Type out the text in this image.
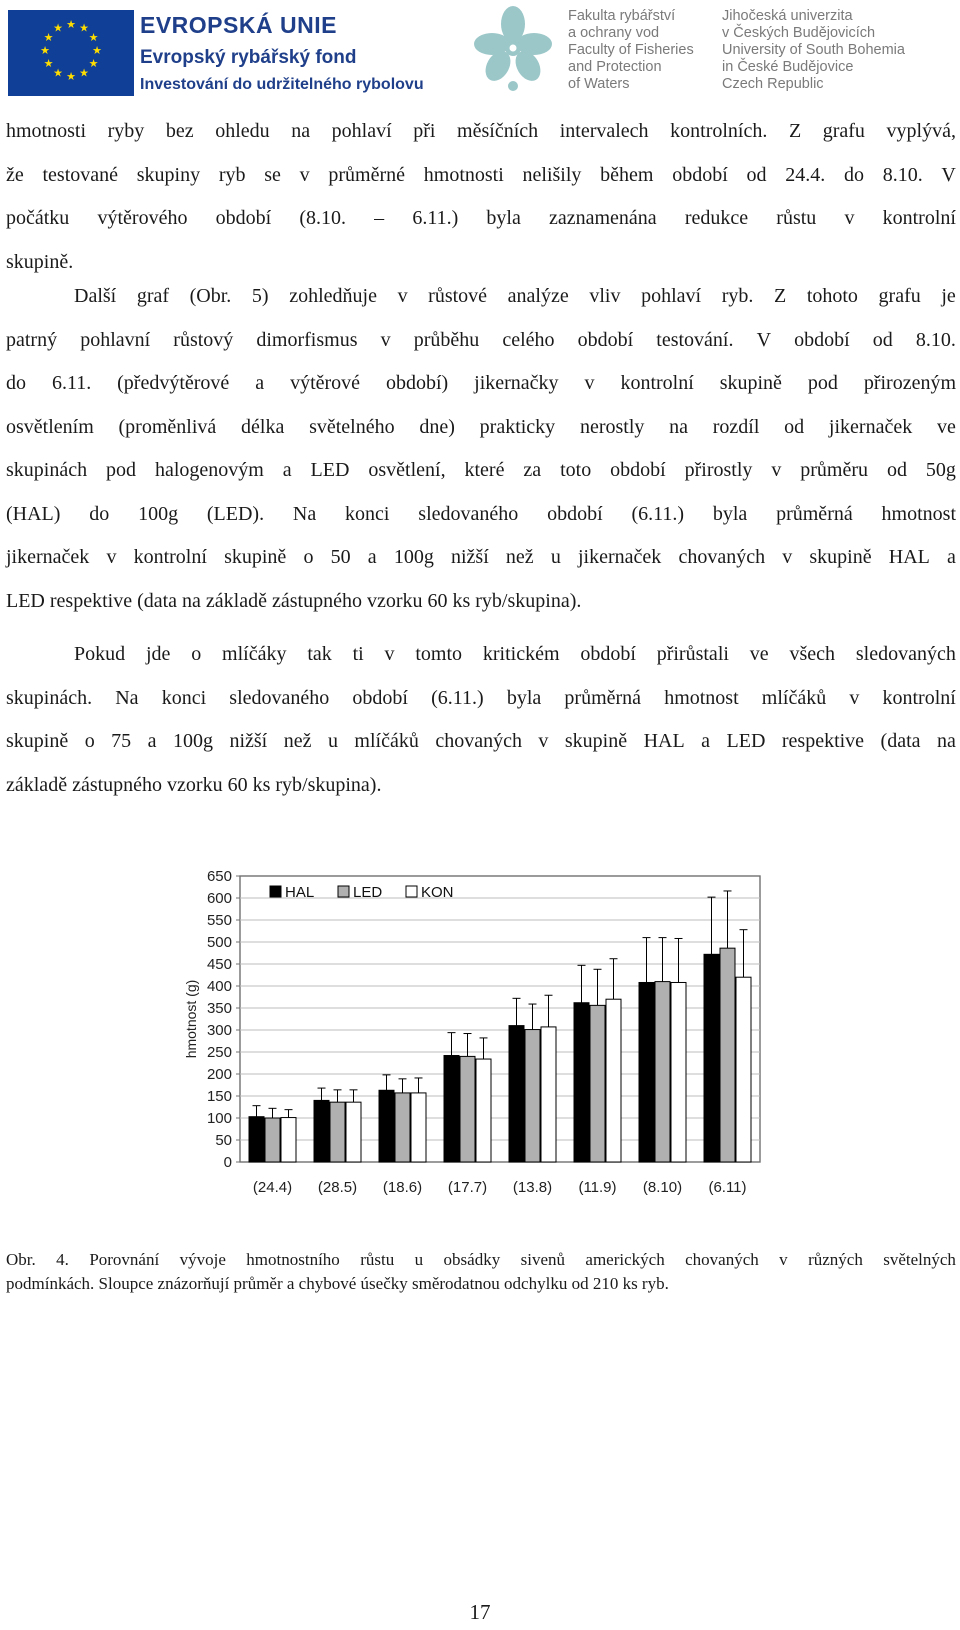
★ ★
★
★
★
★
★
★
★
★
★
★	EVROPSKÁ UNIE
Evropský rybářský fond
Investování do udržitelného rybolovu
Fakulta rybářství
a ochrany vod
Faculty of Fisheries
and Protection
of Waters
Jihočeská univerzita
v Českých Budějovicích
University of South Bohemia
in České Budějovice
Czech Republic
hmotnosti ryby bez ohledu na pohlaví při měsíčních intervalech kontrolních. Z grafu vyplývá,
že testované skupiny ryb se v průměrné hmotnosti nelišily během období od 24.4. do 8.10. V
počátku výtěrového období (8.10. – 6.11.) byla zaznamenána redukce růstu v kontrolní
skupině.
Další graf (Obr. 5) zohledňuje v růstové analýze vliv pohlaví ryb. Z tohoto grafu je
patrný pohlavní růstový dimorfismus v průběhu celého období testování. V období od 8.10.
do 6.11. (předvýtěrové a výtěrové období) jikernačky v kontrolní skupině pod přirozeným
osvětlením (proměnlivá délka světelného dne) prakticky nerostly na rozdíl od jikernaček ve
skupinách pod halogenovým a LED osvětlení, které za toto období přirostly v průměru od 50g
(HAL) do 100g (LED). Na konci sledovaného období (6.11.) byla průměrná hmotnost
jikernaček v kontrolní skupině o 50 a 100g nižší než u jikernaček chovaných v skupině HAL a
LED respektive (data na základě zástupného vzorku 60 ks ryb/skupina).
Pokud jde o mlíčáky tak ti v tomto kritickém období přirůstali ve všech sledovaných
skupinách. Na konci sledovaného období (6.11.) byla průměrná hmotnost mlíčáků v kontrolní
skupině o 75 a 100g nižší než u mlíčáků chovaných v skupině HAL a LED respektive (data na
základě zástupného vzorku 60 ks ryb/skupina).
0
50
100
150
200
250
300
350
400
450
500
550
600
650
hmotnost (g)
(24.4) (28.5) (18.6) (17.7) (13.8) (11.9) (8.10) (6.11)
HAL	LED	KON
Obr. 4. Porovnání vývoje hmotnostního růstu u obsádky sivenů amerických chovaných v různých světelných
podmínkách. Sloupce znázorňují průměr a chybové úsečky směrodatnou odchylku od 210 ks ryb.
17
